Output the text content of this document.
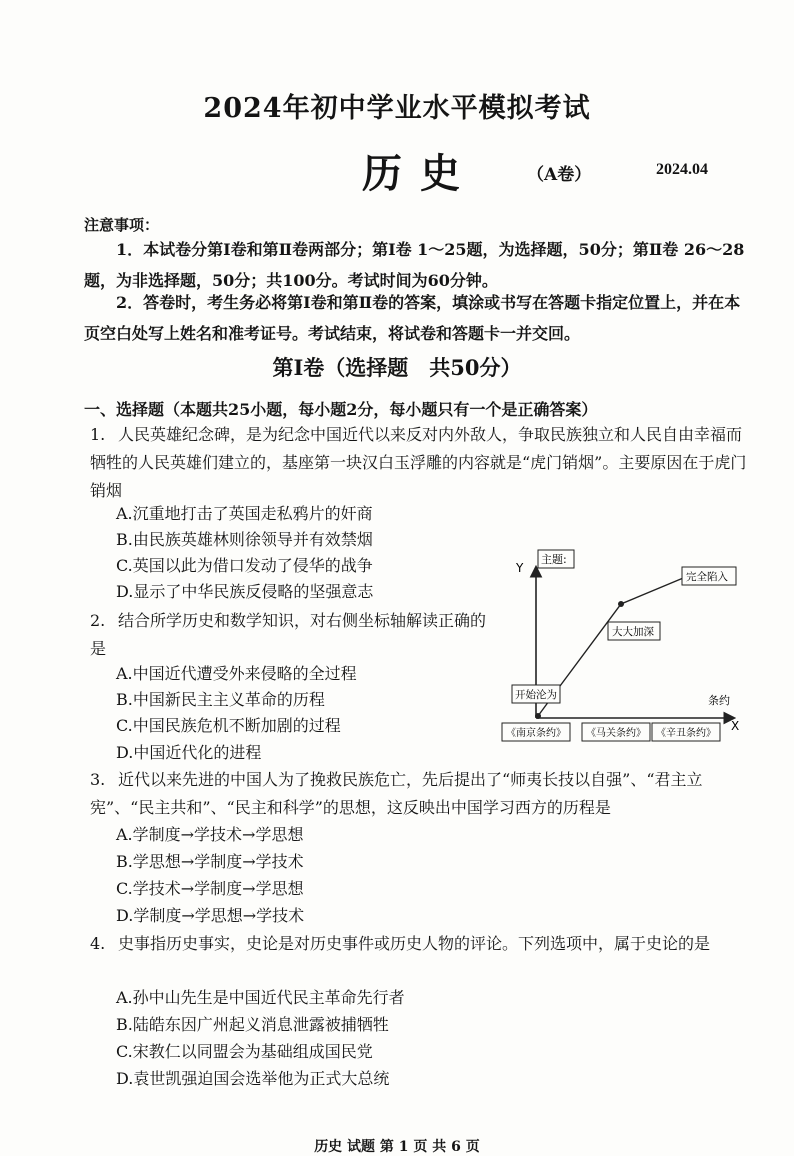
2024年初中学业水平模拟考试
历史	（A卷）	2024.04
注意事项：
1．本试卷分第Ⅰ卷和第Ⅱ卷两部分；第Ⅰ卷 1～25题，为选择题，50分；第Ⅱ卷 26～28题，为非选择题，50分；共100分。考试时间为60分钟。
2．答卷时，考生务必将第Ⅰ卷和第Ⅱ卷的答案，填涂或书写在答题卡指定位置上，并在本页空白处写上姓名和准考证号。考试结束，将试卷和答题卡一并交回。
第Ⅰ卷（选择题　共50分）
一、选择题（本题共25小题，每小题2分，每小题只有一个是正确答案）
1. 人民英雄纪念碑，是为纪念中国近代以来反对内外敌人，争取民族独立和人民自由幸福而牺牲的人民英雄们建立的，基座第一块汉白玉浮雕的内容就是“虎门销烟”。主要原因在于虎门销烟
A.沉重地打击了英国走私鸦片的奸商
B.由民族英雄林则徐领导并有效禁烟
C.英国以此为借口发动了侵华的战争
D.显示了中华民族反侵略的坚强意志
2. 结合所学历史和数学知识，对右侧坐标轴解读正确的是
A.中国近代遭受外来侵略的全过程
B.中国新民主主义革命的历程
C.中国民族危机不断加剧的过程
D.中国近代化的进程
Y
X
条约
主题:
开始沦为
大大加深
完全陷入
《南京条约》 《马关条约》 《辛丑条约》
3. 近代以来先进的中国人为了挽救民族危亡，先后提出了“师夷长技以自强”、“君主立宪”、“民主共和”、“民主和科学”的思想，这反映出中国学习西方的历程是
A.学制度→学技术→学思想
B.学思想→学制度→学技术
C.学技术→学制度→学思想
D.学制度→学思想→学技术
4. 史事指历史事实，史论是对历史事件或历史人物的评论。下列选项中，属于史论的是
A.孙中山先生是中国近代民主革命先行者
B.陆皓东因广州起义消息泄露被捕牺牲
C.宋教仁以同盟会为基础组成国民党
D.袁世凯强迫国会选举他为正式大总统
历史 试题 第 1 页 共 6 页
